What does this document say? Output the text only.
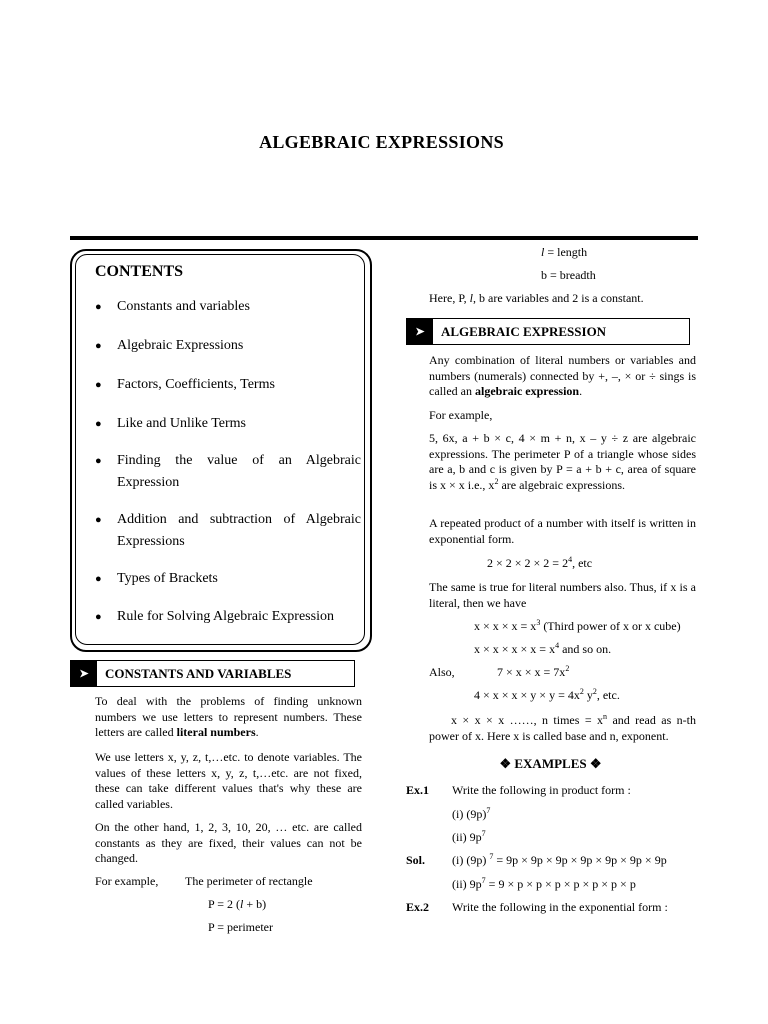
ALGEBRAIC EXPRESSIONS
CONTENTS
● Constants and variables
● Algebraic Expressions
● Factors, Coefficients, Terms
● Like and Unlike Terms
● Finding the value of an Algebraic Expression
● Addition and subtraction of Algebraic Expressions
● Types of Brackets
● Rule for Solving Algebraic Expression
➤	CONSTANTS AND VARIABLES
To deal with the problems of finding unknown numbers we use letters to represent numbers. These letters are called literal numbers.
We use letters x, y, z, t,…etc. to denote variables. The values of these letters x, y, z, t,…etc. are not fixed, these can take different values that's why these are called variables.
On the other hand, 1, 2, 3, 10, 20, … etc. are called constants as they are fixed, their values can not be changed.
For example, The perimeter of rectangle
P = 2 (l + b)
P = perimeter
l = length
b = breadth
Here, P, l, b are variables and 2 is a constant.
➤	ALGEBRAIC EXPRESSION
Any combination of literal numbers or variables and numbers (numerals) connected by +, –, × or ÷ sings is called an algebraic expression.
For example,
5, 6x, a + b × c, 4 × m + n, x – y ÷ z are algebraic expressions. The perimeter P of a triangle whose sides are a, b and c is given by P = a + b + c, area of square is x × x i.e., $x^2$ are algebraic expressions.
A repeated product of a number with itself is written in exponential form.
$2 \times 2 \times 2 \times 2 = 2^4$, etc
The same is true for literal numbers also. Thus, if x is a literal, then we have
$x \times x \times x = x^3$ (Third power of x or x cube)
$x \times x \times x \times x = x^4$ and so on.
Also,	$7 \times x \times x = 7x^2$
$4 \times x \times x \times y \times y = 4x^2$ $y^2$, etc.
x × x × x ……, n times = $x^n$ and read as n-th power of x. Here x is called base and n, exponent.
❖ EXAMPLES ❖
Ex.1 Write the following in product form :
(i) $(9p)^7$
(ii) $9p^7$
Sol. (i) (9p) $^7$ = 9p × 9p × 9p × 9p × 9p × 9p × 9p
(ii) $9p^7 = 9 \times p \times p \times p \times p \times p \times p \times p$
Ex.2 Write the following in the exponential form :
